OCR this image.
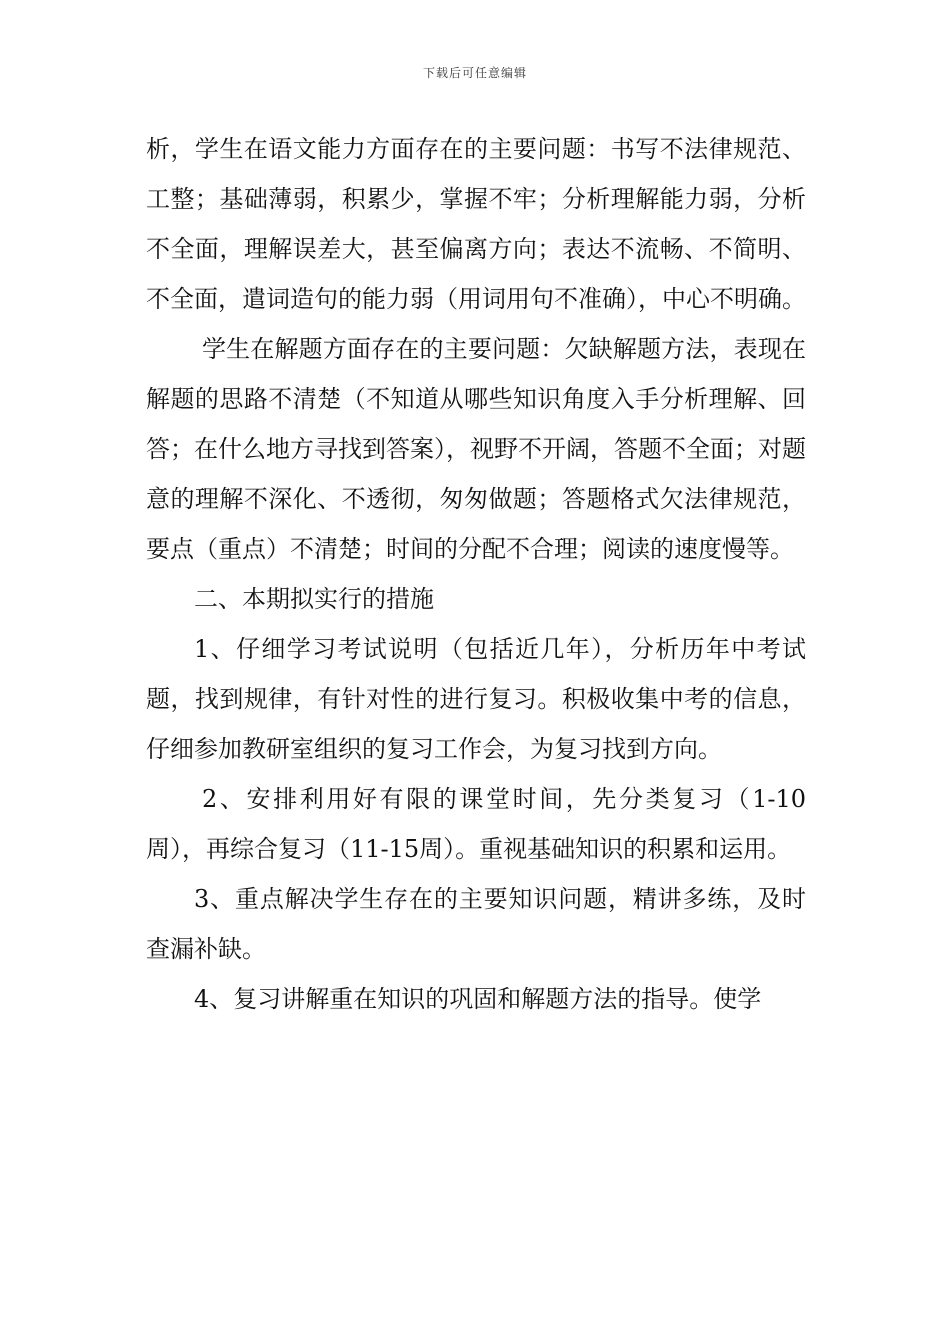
下载后可任意编辑

析，学生在语文能力方面存在的主要问题：书写不法律规范、工整；基础薄弱，积累少，掌握不牢；分析理解能力弱，分析不全面，理解误差大，甚至偏离方向；表达不流畅、不简明、不全面，遣词造句的能力弱（用词用句不准确），中心不明确。

学生在解题方面存在的主要问题：欠缺解题方法，表现在解题的思路不清楚（不知道从哪些知识角度入手分析理解、回答；在什么地方寻找到答案），视野不开阔，答题不全面；对题意的理解不深化、不透彻，匆匆做题；答题格式欠法律规范，要点（重点）不清楚；时间的分配不合理；阅读的速度慢等。

二、本期拟实行的措施

1、仔细学习考试说明（包括近几年），分析历年中考试题，找到规律，有针对性的进行复习。积极收集中考的信息，仔细参加教研室组织的复习工作会，为复习找到方向。

2、安排利用好有限的课堂时间，先分类复习（1-10周），再综合复习（11-15周）。重视基础知识的积累和运用。

3、重点解决学生存在的主要知识问题，精讲多练，及时查漏补缺。

4、复习讲解重在知识的巩固和解题方法的指导。使学
